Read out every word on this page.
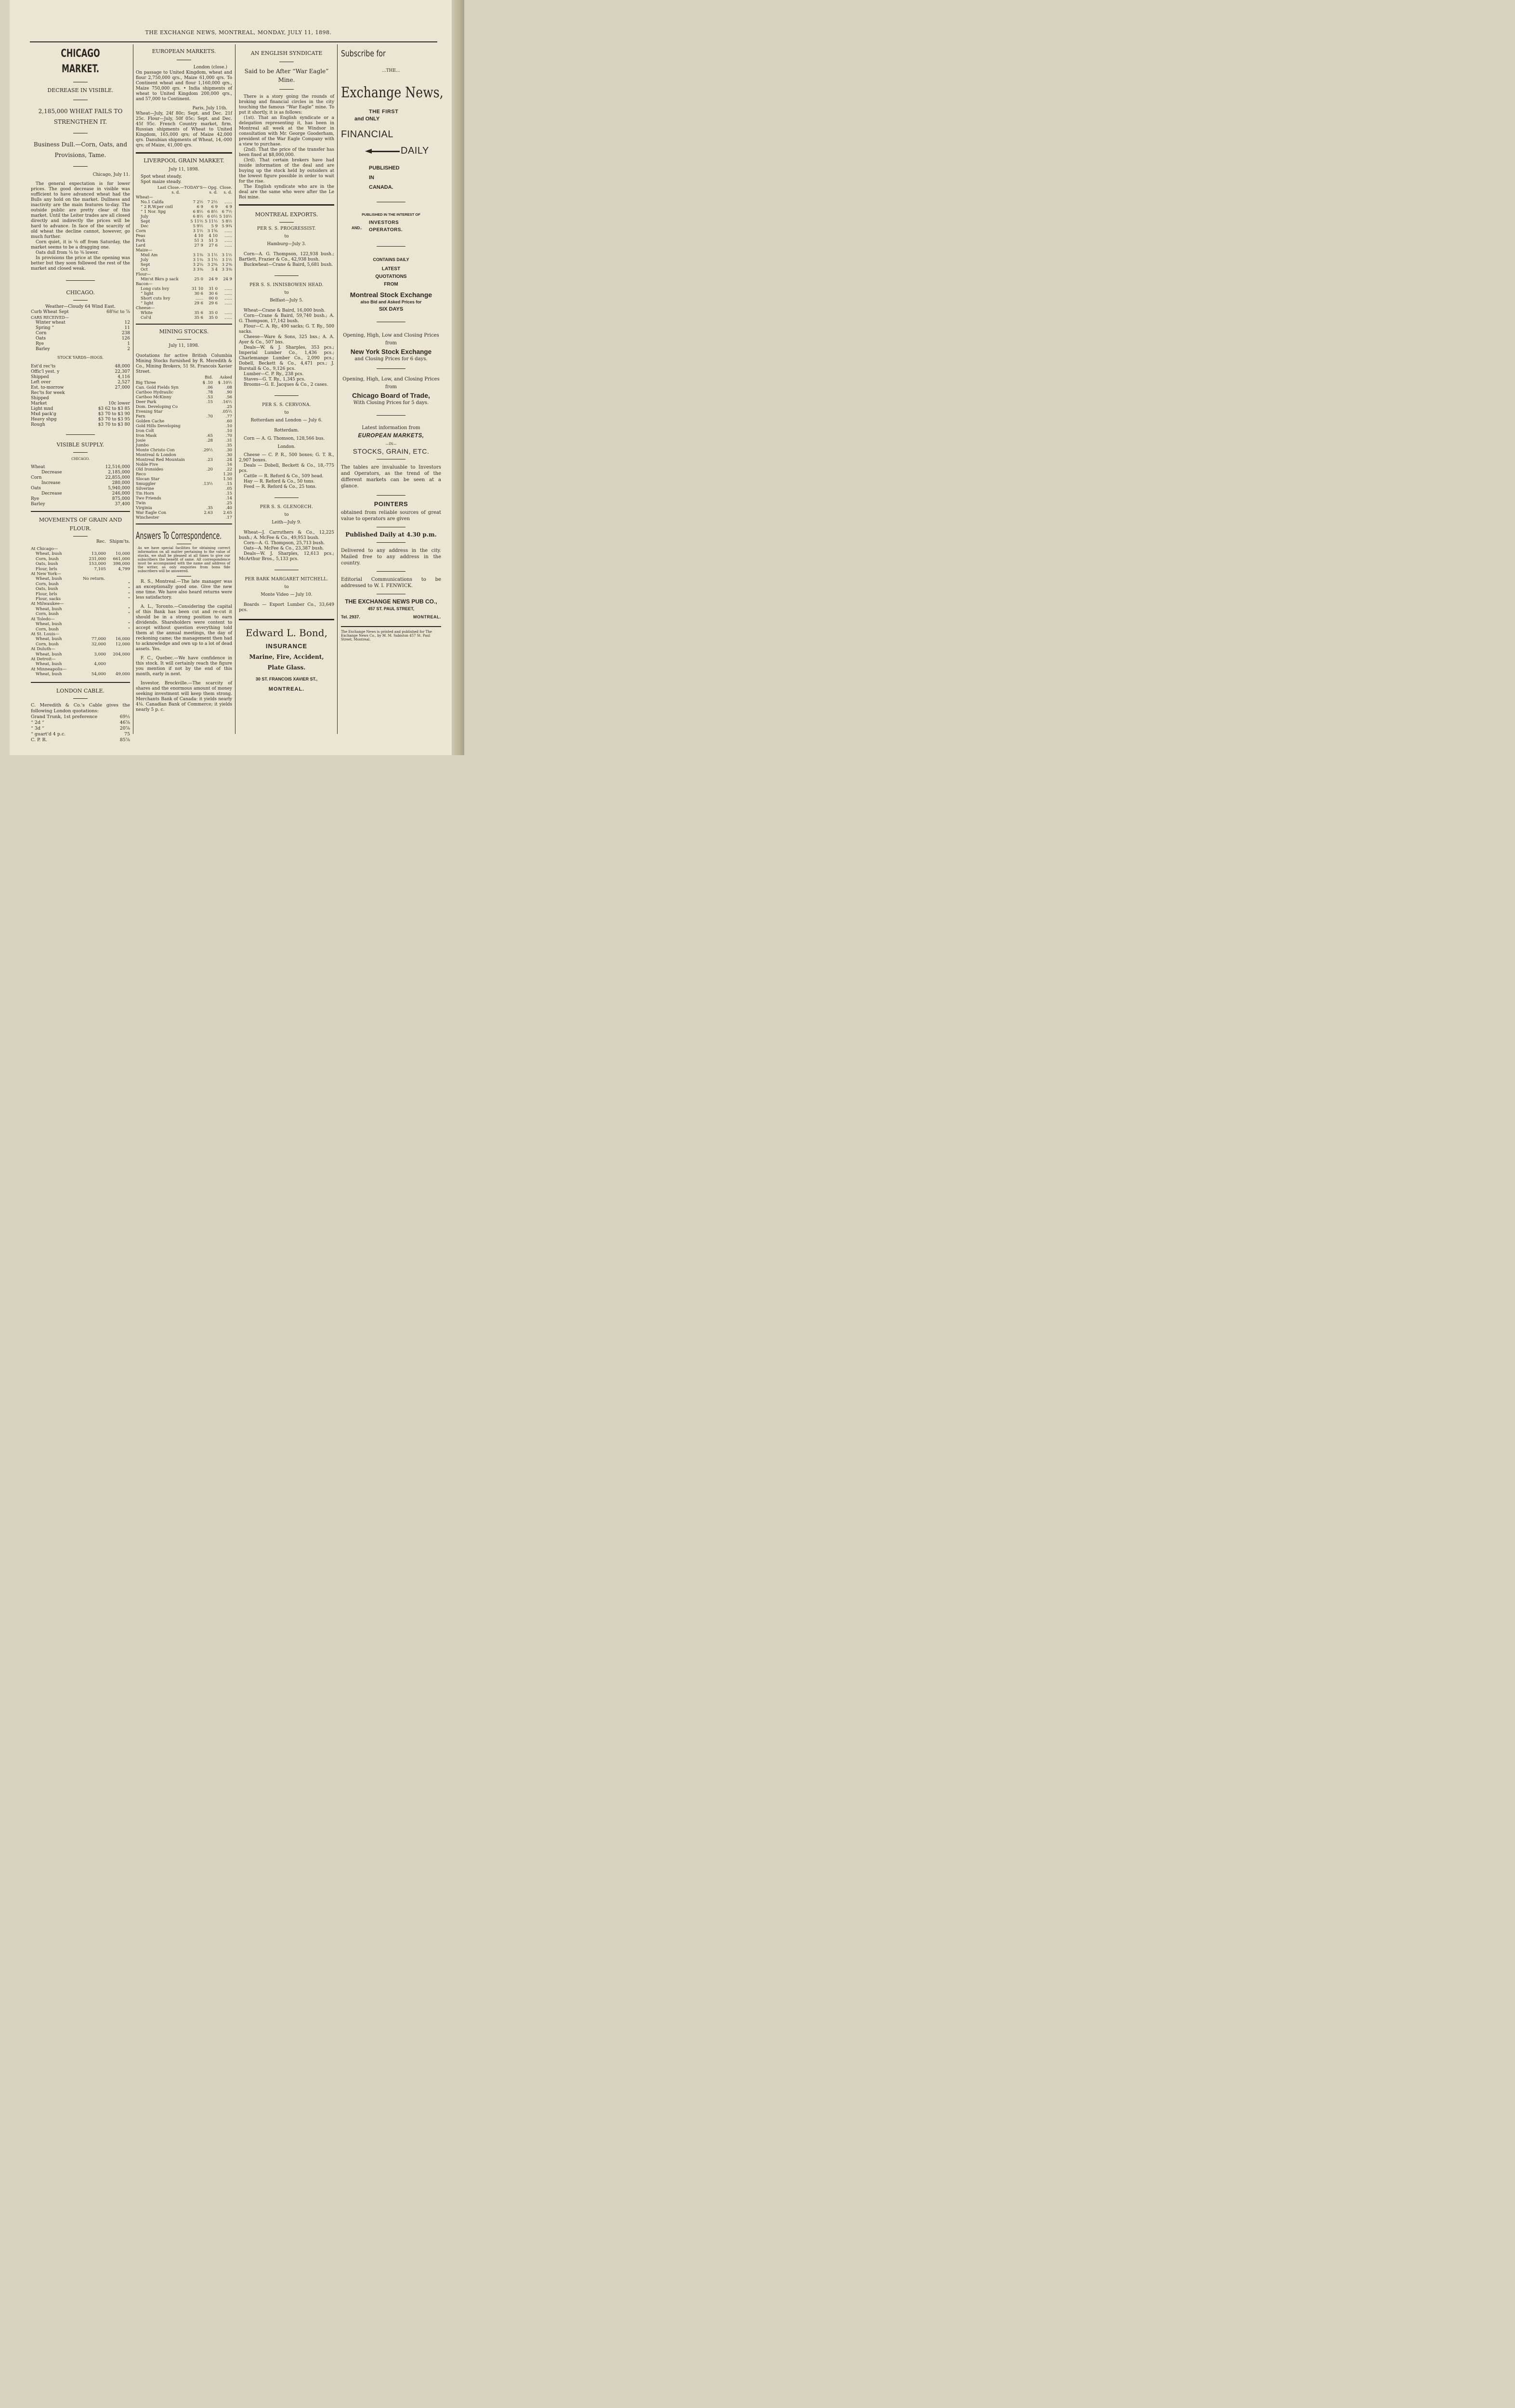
THE EXCHANGE NEWS, MONTREAL, MONDAY, JULY 11, 1898.
CHICAGO MARKET.
DECREASE IN VISIBLE.
2,185,000 WHEAT FAILS TO STRENGTHEN IT.
Business Dull.—Corn, Oats, and Provisions, Tame.
Chicago, July 11.

The general expectation is for lower prices. The good decrease in visible was sufficient to have advanced wheat had the Bulls any hold on the market. Dullness and inactivity are the main features to-day. The outside public are pretty clear of this market. Until the Leiter trades are all closed directly and indirectly the prices will be hard to advance. In face of the scarcity of old wheat the decline cannot, however, go much further.

Corn quiet, it is ⅛ off from Saturday, the market seems to be a dragging one.

Oats dull from ⅛ to ⅜ lower.

In provisions the price at the opening was better but they soon followed the rest of the market and closed weak.

CHICAGO.
Weather—Cloudy 64 Wind East.
Curb Wheat Sept	68⅝c to ⅞
CARS RECEIVED—
Winter wheat	12
Spring “	11
Corn	238
Oats	126
Rye	1
Barley	2
STOCK YARDS—HOGS.
Est'd rec'ts	48,000
Offic'l yest. y	22,307
Shipped	4,116
Left over	2,527
Est. to-morrow	27,000
Rec'ts for week	
Shipped	
Market	10c lower
Light mxd	$3 62 to $3 85
Mxd pack'g	$3 70 to $3 90
Heavy shpg	$3 70 to $3 95
Rough	$3 70 to $3 80
VISIBLE SUPPLY.
CHICAGO.
Wheat	12,516,000
Decrease	2,185,000
Corn	22,855,000
Increase	280,000
Oats	5,940,000
Decrease	246,000
Rye	875,000
Barley	37,400
MOVEMENTS OF GRAIN AND FLOUR.
	Rec.	Shipm'ts.
At Chicago—		
Wheat, bush	13,000	10,000
Corn, bush	231,000	661,000
Oats, bush	153,000	398,000
Flour, brls	7,105	4,799
At New York—		
Wheat, bush	No return.	
Corn, bush		“
Oats, bush		“
Flour, brls		“
Flour, sacks		“
At Milwaukee—		
Wheat, bush		“
Corn, bush		“
At Toledo—		
Wheat, bush		“
Corn, bush		“
At St. Louis—		
Wheat, bush	77,000	16,000
Corn, bush	32,000	12,000
At Duluth—		
Wheat, bush	3,000	204,000
At Detroit—		
Wheat, bush	4,000	
At Minneapolis—		
Wheat, bush	54,000	49,000
LONDON CABLE.
C. Meredith & Co.'s Cable gives the following London quotations:
Grand Trunk, 1st preference	69½
“ 2d “	46⅞
“ 3d “	20⅞
“ guart'd 4 p.c.	75
C. P. R.	85⅞
EUROPEAN MARKETS.
London (close.)
On passage to United Kingdom, wheat and flour 2,750,000 qrs., Maize 61,000 qrs. To Continent wheat and flour 1,160,000 qrs., Maize 750,000 qrs. • India shipments of wheat to United Kingdom 200,000 qrs., and 57,000 to Continent.
Paris, July 11th.
Wheat—July, 24f 80c; Sept. and Dec. 21f 25c. Flour—July, 50f 05c; Sept. and Dec. 45f 95c. French Country market, firm. Russian shipments of Wheat to United Kingdom, 165,000 qrs; of Maize 42,000 qrs. Danubian shipments of Wheat, 14,-000 qrs; of Maize, 41,000 qrs.
LIVERPOOL GRAIN MARKET.
July 11, 1898.
Spot wheat steady.
Spot maize steady.
	Last Close.	—TODAY'S— Opg.	Close.
	s. d.	s. d.	s. d.
Wheat—			
No.1 Califa	7 2½	7 2½	......
“ 2 R.W.per cntl	6 9	6 9	6 9
“ 1 Nor. Spg	6 8½	6 8½	6 7½
July	6 8½	6 0½	5 10½
Sept	5 11½	5 11½	5 8½
Dec	5 9½	5 9	5 9¾
Corn	3 1½	3 1⅝	......
Peas	4 10	4 10	......
Pork	51 3	51 3	......
Lard	27 9	27 6	......
Maize—			
Mxd Am	3 1⅜	3 1½	3 1½
July	3 1⅜	3 1½	3 1½
Sept	3 2⅛	3 2⅜	3 2⅜
Oct	3 3⅜	3 4	3 3⅜
Flour—			
Min'st Bkrs p sack	25 0	24 9	24 9
Bacon—			
Long cuts hvy	31 10	31 0	......
“ light	30 6	30 6	......
Short cuts hvy	......	00 0	......
“ light	29 6	29 6	......
Cheese—			
White	35 6	35 0	......
Col'd	35 6	35 0	......
MINING STOCKS.
July 11, 1898.
Quotations for active British Columbia Mining Stocks furnished by R. Meredith & Co., Mining Brokers, 51 St. Francois Xavier Street.
	Bid.	Asked
Big Three	$ .10	$ .10½
Can. Gold Fields Syn	.06	.08
Cariboo Hydraulic	.78	.90
Cariboo McKinny	.53	.56
Deer Park	.15	.16½
Dom. Developing Co		.25
Evening Star		.05½
Fern	.70	.77
Golden Cache		.60
Gold Hills Developing		.10
Iron Colt		.10
Iron Mask	.65	.70
Josie	.28	.31
Jumbo		.35
Monte Christo Con	.29½	.30
Montreal & London		.30
Montreal Red Mountain	.23	.24
Noble Five		.16
Old Ironsides	.20	.22
Reco		1.20
Slocan Star		1.50
Smuggler	.13½	.15
Silverine		.05
Tin Horn		.15
Two Friends		.14
Twin		.25
Virginia	.35	.40
War Eagle Con	2.63	2.65
Winchester		.17
Answers To Correspondence.
As we have special facilities for obtaining correct information on all matter pertaining to the value of stocks, we shall be pleased at all times to give our subscribers the benefit of same. All correspondence must be accompanied with the name and address of the writer, as only enquiries from bona fide subscribers will be answered.

R. S., Montreal.—The late manager was an exceptionally good one. Give the new one time. We have also heard returns were less satisfactory.

A. L., Toronto.—Considering the capital of this Bank has been cut and re-cut it should be in a strong position to earn dividends. Shareholders were content to accept without question everything told them at the annual meetings, the day of reckoning came; the management then had to acknowledge and own up to a lot of dead assets. Yes.

F. C., Quebec.—We have confidence in this stock. It will certainly reach the figure you mention if not by the end of this month, early in next.

Investor, Brockville.—The scarcity of shares and the enormous amount of money seeking investment will keep them strong. Merchants Bank of Canada: it yields nearly 4⅛. Canadian Bank of Commerce; it yields nearly 5 p. c.

AN ENGLISH SYNDICATE
Said to be After “War Eagle” Mine.

There is a story going the rounds of broking and financial circles in the city touching the famous “War Eagle” mine. To put it shortly, it is as follows:

(1st). That an English syndicate or a delegation representing it, has been in Montreal all week at the Windsor in consultation with Mr. George Gooderham, president of the War Eagle Company with a view to purchase.

(2nd). That the price of the transfer has been fixed at $8,000,000.

(3rd). That certain brokers have had inside information of the deal and are buying up the stock held by outsiders at the lowest figure possible in order to wait for the rise.

The English syndicate who are in the deal are the same who were after the Le Roi mine.

MONTREAL EXPORTS.
PER S. S. PROGRESSIST.
to
Hamburg—July 3.
Corn—A. G. Thompson, 122,938 bush.; Bartlett, Frazier & Co., 42,938 bush.
Buckwheat—Crane & Baird, 5,681 bush.
PER S. S. INNISBOWEN HEAD.
to
Belfast—July 5.
Wheat—Crane & Baird, 16,000 bush.
Corn—Crane & Baird, 59,740 bush.; A. G. Thompson, 17,142 bush.
Flour—C. A. Ry., 490 sacks; G. T. Ry., 500 sacks.
Cheese—Ware & Sons, 325 bxs.; A. A. Ayer & Co., 507 bxs.
Deals—W. & J. Sharples, 353 pcs.; Imperial Lumber Co., 1,436 pcs.; Charlemange Lumber Co., 2,090 pcs.; Dobell, Beckett & Co., 4,471 pcs.; J. Burstall & Co., 9,126 pcs.
Lumber—C. P. Ry., 238 pcs.
Staves—G. T. Ry., 1,345 pcs.
Brooms—G. E. Jacques & Co., 2 cases.
PER S. S. CERVONA.
to
Rotterdam and London — July 6.
Rotterdam.
Corn — A. G. Thomson, 128,566 bus.
London.
Cheese — C. P. R., 500 boxes; G. T. R., 2,907 boxes.
Deals — Dobell, Beckett & Co., 18,-775 pcs.
Cattle — R. Reford & Co., 509 head.
Hay — R. Reford & Co., 50 tons.
Feed — R. Reford & Co., 25 tons.
PER S. S. GLENOECH.
to
Leith—July 9.
Wheat—J. Carruthers & Co., 12,225 bush.; A. McFee & Co., 49,953 bush.
Corn—A. G. Thompson, 25,713 bush.
Oats—A. McFee & Co., 23,387 bush.
Deals—W. J. Sharples, 12,613 pcs.; McArthur Bros., 5,133 pcs.
PER BARK MARGARET MITCHELL.
to
Monte Video — July 10.
Boards — Export Lumber Co., 33,649 pcs.
Edward L. Bond,
INSURANCE
Marine, Fire, Accident, Plate Glass.
30 ST. FRANCOIS XAVIER ST.,
MONTREAL.
Subscribe for
...THE...
Exchange News,
THE FIRST
and ONLY
FINANCIAL
DAILY
PUBLISHED
IN
CANADA.
PUBLISHED IN THE INTEREST OF
AND..
INVESTORS
OPERATORS.
CONTAINS DAILY
LATEST
QUOTATIONS
FROM
Montreal Stock Exchange
also Bid and Asked Prices for
SIX DAYS
Opening, High, Low and Closing Prices from
New York Stock Exchange
and Closing Prices for 6 days.
Opening, High, Low, and Closing Prices from
Chicago Board of Trade,
With Closing Prices for 5 days.
Latest information from
EUROPEAN MARKETS,
—IN—
STOCKS, GRAIN, ETC.
The tables are invaluable to Investors and Operators, as the trend of the different markets can be seen at a glance.
POINTERS
obtained from reliable sources of great value to operators are given
Published Daily at 4.30 p.m.
Delivered to any address in the city. Mailed free to any address in the country.
Editorial Communications to be addressed to W. I. FENWICK.
THE EXCHANGE NEWS PUB CO.,
457 ST. PAUL STREET,
Tel. 2937.	MONTREAL.
The Exchange News is printed and published for The Exchange News Co., by M. M. Sabiston 457 St. Paul Street, Montreal.
